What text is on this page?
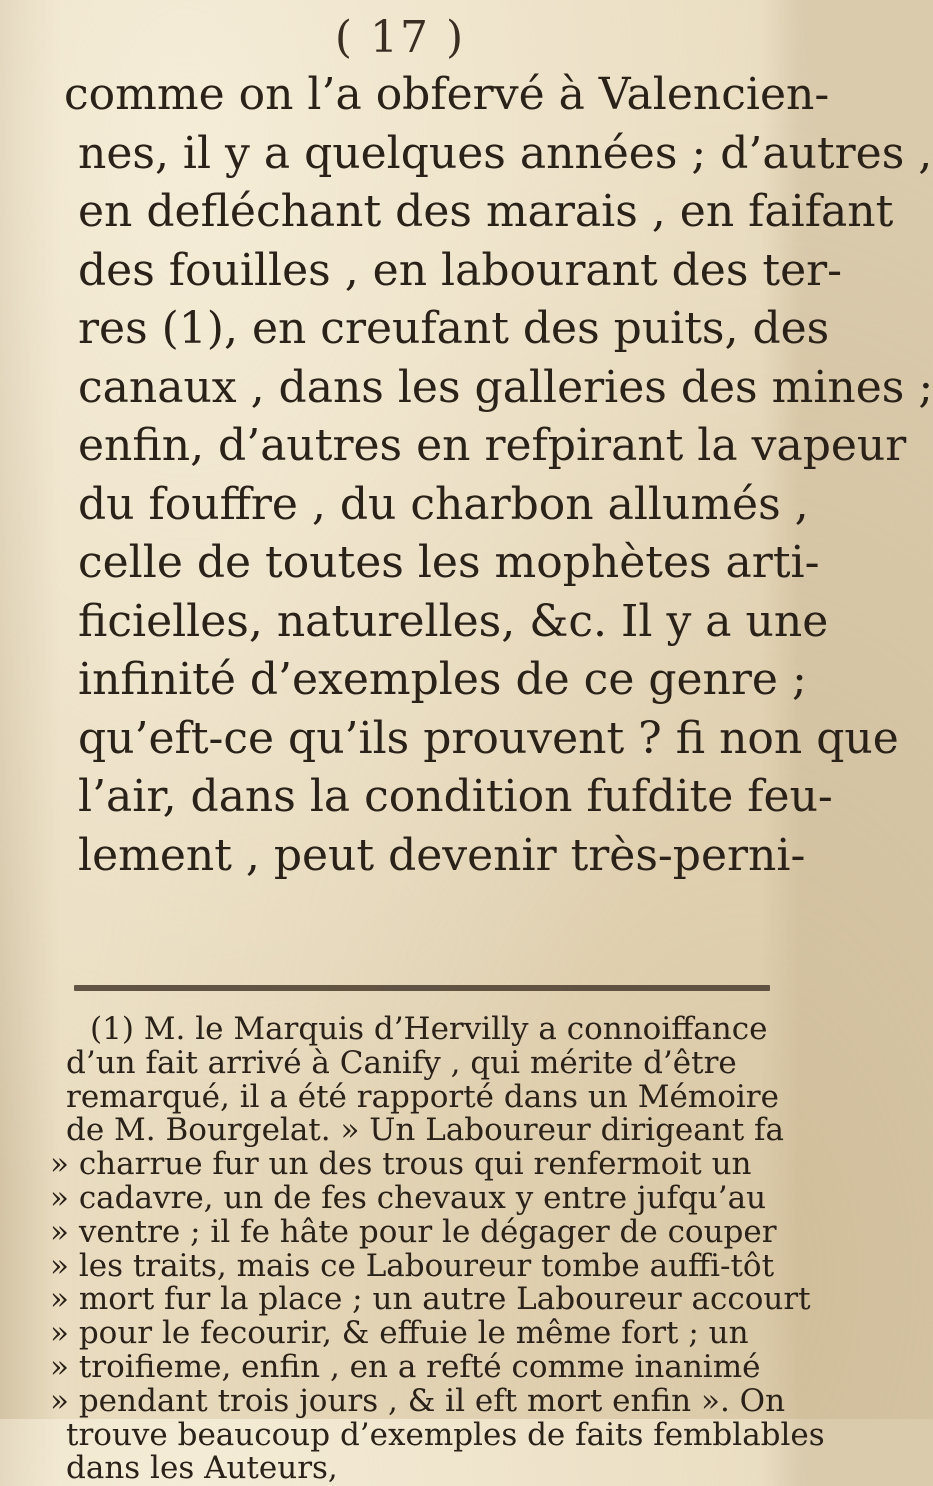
( 17 )
comme on l’a obfervé à Valencien-
nes, il y a quelques années ; d’autres ,
en defléchant des marais , en faifant
des fouilles , en labourant des ter-
res (1), en creufant des puits, des
canaux , dans les galleries des mines ;
enfin, d’autres en refpirant la vapeur
du fouffre , du charbon allumés ,
celle de toutes les mophètes arti-
ficielles, naturelles, &c. Il y a une
infinité d’exemples de ce genre ;
qu’eft-ce qu’ils prouvent ? fi non que
l’air, dans la condition fufdite feu-
lement , peut devenir très-perni-
(1) M. le Marquis d’Hervilly a connoiffance
d’un fait arrivé à Canify , qui mérite d’être
remarqué, il a été rapporté dans un Mémoire
de M. Bourgelat. » Un Laboureur dirigeant fa
» charrue fur un des trous qui renfermoit un
» cadavre, un de fes chevaux y entre jufqu’au
» ventre ; il fe hâte pour le dégager de couper
» les traits, mais ce Laboureur tombe auffi-tôt
» mort fur la place ; un autre Laboureur accourt
» pour le fecourir, & effuie le même fort ; un
» troifieme, enfin , en a refté comme inanimé
» pendant trois jours , & il eft mort enfin ». On
trouve beaucoup d’exemples de faits femblables
dans les Auteurs,
